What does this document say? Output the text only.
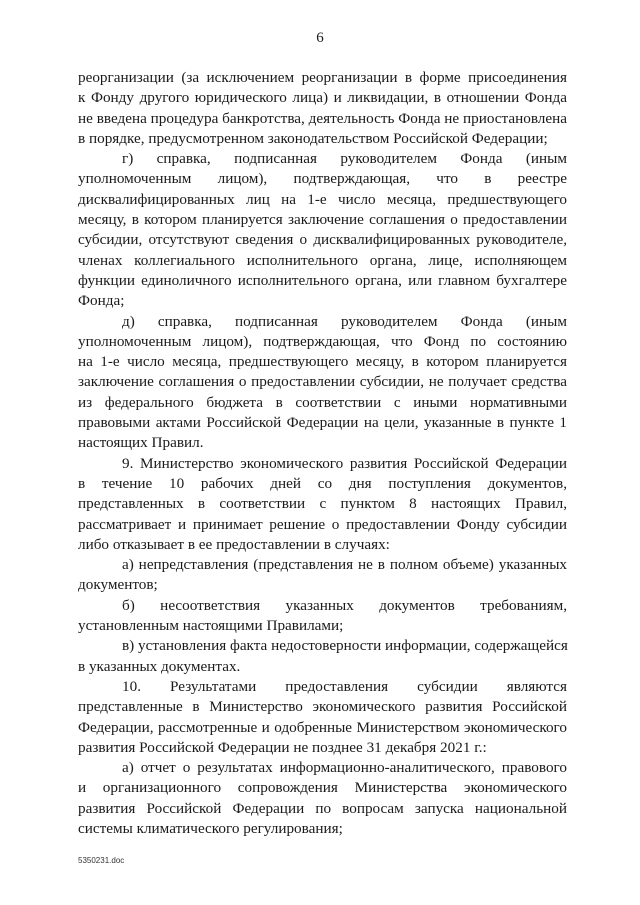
6
реорганизации (за исключением реорганизации в форме присоединения
к Фонду другого юридического лица) и ликвидации, в отношении Фонда
не введена процедура банкротства, деятельность Фонда не приостановлена
в порядке, предусмотренном законодательством Российской Федерации;
г) справка, подписанная руководителем Фонда (иным
уполномоченным лицом), подтверждающая, что в реестре
дисквалифицированных лиц на 1-е число месяца, предшествующего
месяцу, в котором планируется заключение соглашения о предоставлении
субсидии, отсутствуют сведения о дисквалифицированных руководителе,
членах коллегиального исполнительного органа, лице, исполняющем
функции единоличного исполнительного органа, или главном бухгалтере
Фонда;
д) справка, подписанная руководителем Фонда (иным
уполномоченным лицом), подтверждающая, что Фонд по состоянию
на 1-е число месяца, предшествующего месяцу, в котором планируется
заключение соглашения о предоставлении субсидии, не получает средства
из федерального бюджета в соответствии с иными нормативными
правовыми актами Российской Федерации на цели, указанные в пункте 1
настоящих Правил.
9. Министерство экономического развития Российской Федерации
в течение 10 рабочих дней со дня поступления документов,
представленных в соответствии с пунктом 8 настоящих Правил,
рассматривает и принимает решение о предоставлении Фонду субсидии
либо отказывает в ее предоставлении в случаях:
а) непредставления (представления не в полном объеме) указанных
документов;
б) несоответствия указанных документов требованиям,
установленным настоящими Правилами;
в) установления факта недостоверности информации, содержащейся
в указанных документах.
10. Результатами предоставления субсидии являются
представленные в Министерство экономического развития Российской
Федерации, рассмотренные и одобренные Министерством экономического
развития Российской Федерации не позднее 31 декабря 2021 г.:
а) отчет о результатах информационно-аналитического, правового
и организационного сопровождения Министерства экономического
развития Российской Федерации по вопросам запуска национальной
системы климатического регулирования;
5350231.doc
